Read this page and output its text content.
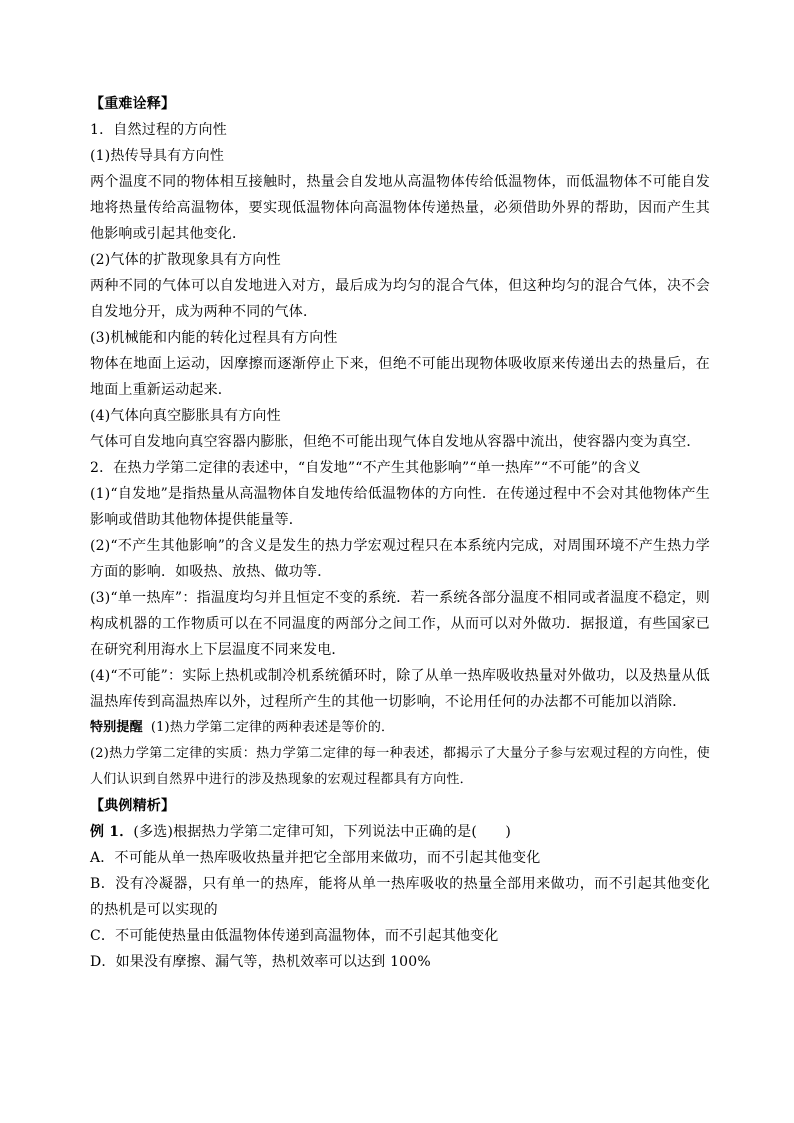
【重难诠释】
1．自然过程的方向性
(1)热传导具有方向性
两个温度不同的物体相互接触时，热量会自发地从高温物体传给低温物体，而低温物体不可能自发地将热量传给高温物体，要实现低温物体向高温物体传递热量，必须借助外界的帮助，因而产生其他影响或引起其他变化．
(2)气体的扩散现象具有方向性
两种不同的气体可以自发地进入对方，最后成为均匀的混合气体，但这种均匀的混合气体，决不会自发地分开，成为两种不同的气体．
(3)机械能和内能的转化过程具有方向性
物体在地面上运动，因摩擦而逐渐停止下来，但绝不可能出现物体吸收原来传递出去的热量后，在地面上重新运动起来．
(4)气体向真空膨胀具有方向性
气体可自发地向真空容器内膨胀，但绝不可能出现气体自发地从容器中流出，使容器内变为真空．
2．在热力学第二定律的表述中，“自发地”“不产生其他影响”“单一热库”“不可能”的含义
(1)“自发地”是指热量从高温物体自发地传给低温物体的方向性．在传递过程中不会对其他物体产生影响或借助其他物体提供能量等．
(2)“不产生其他影响”的含义是发生的热力学宏观过程只在本系统内完成，对周围环境不产生热力学方面的影响．如吸热、放热、做功等．
(3)“单一热库”：指温度均匀并且恒定不变的系统．若一系统各部分温度不相同或者温度不稳定，则构成机器的工作物质可以在不同温度的两部分之间工作，从而可以对外做功．据报道，有些国家已在研究利用海水上下层温度不同来发电．
(4)“不可能”：实际上热机或制冷机系统循环时，除了从单一热库吸收热量对外做功，以及热量从低温热库传到高温热库以外，过程所产生的其他一切影响，不论用任何的办法都不可能加以消除．
特别提醒 (1)热力学第二定律的两种表述是等价的．
(2)热力学第二定律的实质：热力学第二定律的每一种表述，都揭示了大量分子参与宏观过程的方向性，使人们认识到自然界中进行的涉及热现象的宏观过程都具有方向性．
【典例精析】
例 1．(多选)根据热力学第二定律可知，下列说法中正确的是(　　)
A．不可能从单一热库吸收热量并把它全部用来做功，而不引起其他变化
B．没有冷凝器，只有单一的热库，能将从单一热库吸收的热量全部用来做功，而不引起其他变化的热机是可以实现的
C．不可能使热量由低温物体传递到高温物体，而不引起其他变化
D．如果没有摩擦、漏气等，热机效率可以达到 100%
